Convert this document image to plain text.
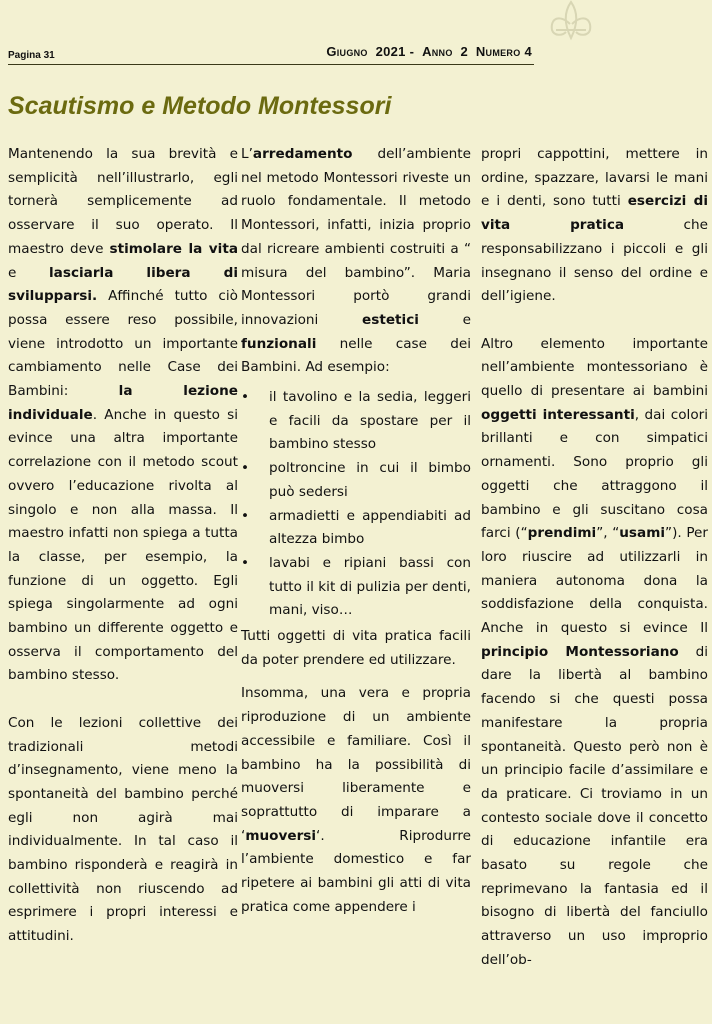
Pagina 31	Giugno 2021 -  Anno 2 Numero 4
Scautismo e Metodo Montessori

Mantenendo la sua brevità e semplicità nell’illustrarlo, egli tornerà semplicemente ad osservare il suo operato. Il maestro deve stimolare la vita e lasciarla libera di svilupparsi. Affinché tutto ciò possa essere reso possibile, viene introdotto un importante cambiamento nelle Case dei Bambini: la lezione individuale. Anche in questo si evince una altra importante correlazione con il metodo scout ovvero l’educazione rivolta al singolo e non alla massa. Il maestro infatti non spiega a tutta la classe, per esempio, la funzione di un oggetto. Egli spiega singolarmente ad ogni bambino un differente oggetto e osserva il comportamento del bambino stesso.

Con le lezioni collettive dei tradizionali metodi d’insegnamento, viene meno la spontaneità del bambino perché egli non agirà mai individualmente. In tal caso il bambino risponderà e reagirà in collettività non riuscendo ad esprimere i propri interessi e attitudini.

L’arredamento dell’ambiente nel metodo Montessori riveste un ruolo fondamentale. Il metodo Montessori, infatti, inizia proprio dal ricreare ambienti costruiti a “ misura del bambino”. Maria Montessori portò grandi innovazioni estetici e funzionali nelle case dei Bambini. Ad esempio:

• il tavolino e la sedia, leggeri e facili da spostare per il bambino stesso
• poltroncine in cui il bimbo può sedersi
• armadietti e appendiabiti ad altezza bimbo
• lavabi e ripiani bassi con tutto il kit di pulizia per denti, mani, viso…

Tutti oggetti di vita pratica facili da poter prendere ed utilizzare.

Insomma, una vera e propria riproduzione di un ambiente accessibile e familiare. Così il bambino ha la possibilità di muoversi liberamente e soprattutto di imparare a ‘muoversi‘. Riprodurre l’ambiente domestico e far ripetere ai bambini gli atti di vita pratica come appendere i

propri cappottini, mettere in ordine, spazzare, lavarsi le mani e i denti, sono tutti esercizi di vita pratica che responsabilizzano i piccoli e gli insegnano il senso del ordine e dell’igiene.

Altro elemento importante nell’ambiente montessoriano è quello di presentare ai bambini oggetti interessanti, dai colori brillanti e con simpatici ornamenti. Sono proprio gli oggetti che attraggono il bambino e gli suscitano cosa farci (“prendimi”, “usami”). Per loro riuscire ad utilizzarli in maniera autonoma dona la soddisfazione della conquista. Anche in questo si evince Il principio Montessoriano di dare la libertà al bambino facendo si che questi possa manifestare la propria spontaneità. Questo però non è un principio facile d’assimilare e da praticare. Ci troviamo in un contesto sociale dove il concetto di educazione infantile era basato su regole che reprimevano la fantasia ed il bisogno di libertà del fanciullo attraverso un uso improprio dell’ob-
